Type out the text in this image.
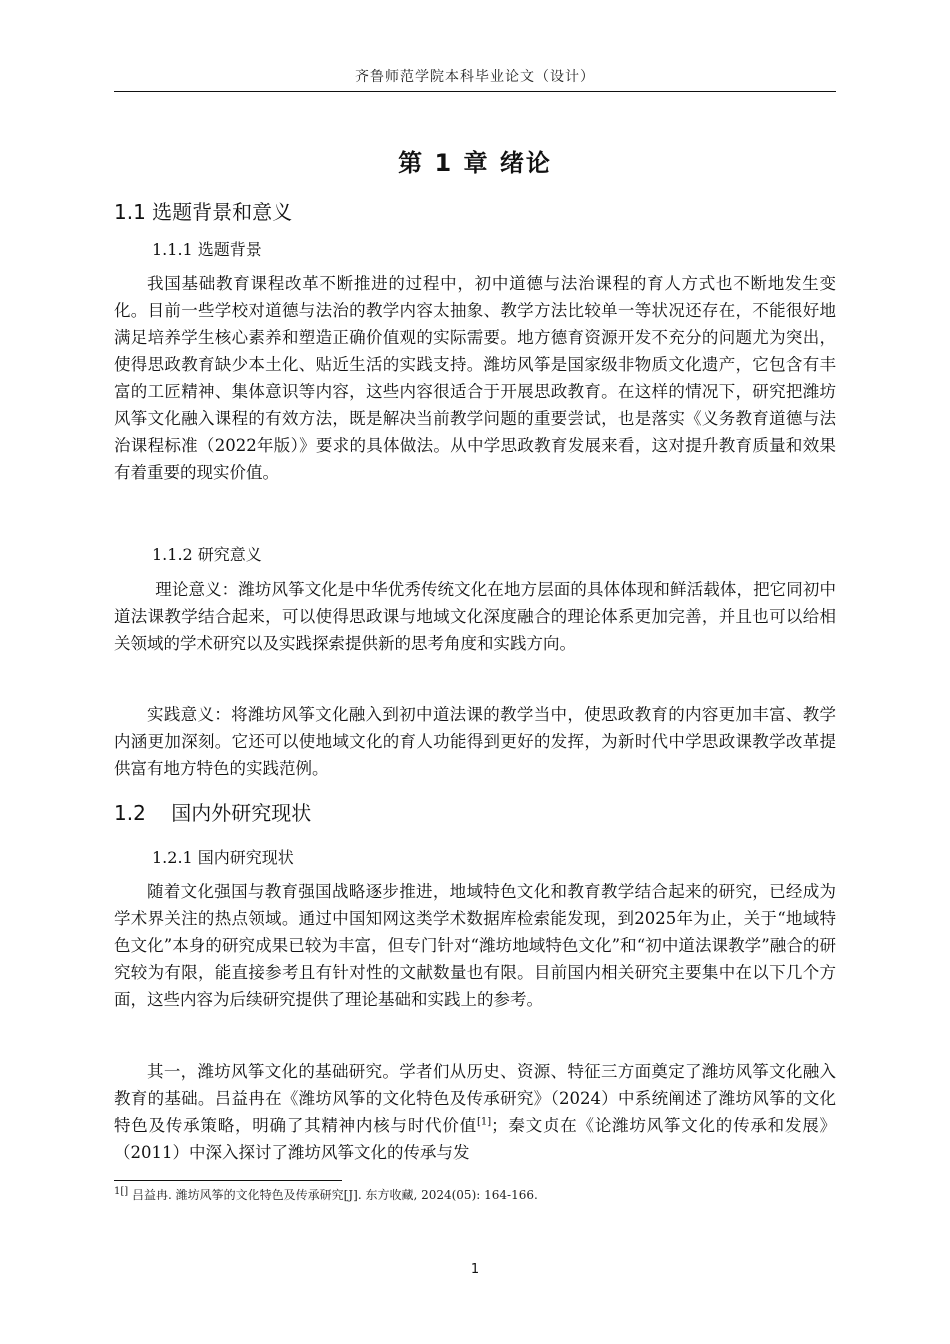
齐鲁师范学院本科毕业论文（设计）
第 1 章 绪论
1.1 选题背景和意义
1.1.1 选题背景

我国基础教育课程改革不断推进的过程中，初中道德与法治课程的育人方式也不断地发生变化。目前一些学校对道德与法治的教学内容太抽象、教学方法比较单一等状况还存在，不能很好地满足培养学生核心素养和塑造正确价值观的实际需要。地方德育资源开发不充分的问题尤为突出，使得思政教育缺少本土化、贴近生活的实践支持。潍坊风筝是国家级非物质文化遗产，它包含有丰富的工匠精神、集体意识等内容，这些内容很适合于开展思政教育。在这样的情况下，研究把潍坊风筝文化融入课程的有效方法，既是解决当前教学问题的重要尝试，也是落实《义务教育道德与法治课程标准（2022年版）》要求的具体做法。从中学思政教育发展来看，这对提升教育质量和效果有着重要的现实价值。

1.1.2 研究意义

理论意义：潍坊风筝文化是中华优秀传统文化在地方层面的具体体现和鲜活载体，把它同初中道法课教学结合起来，可以使得思政课与地域文化深度融合的理论体系更加完善，并且也可以给相关领域的学术研究以及实践探索提供新的思考角度和实践方向。

实践意义：将潍坊风筝文化融入到初中道法课的教学当中，使思政教育的内容更加丰富、教学内涵更加深刻。它还可以使地域文化的育人功能得到更好的发挥，为新时代中学思政课教学改革提供富有地方特色的实践范例。

1.2    国内外研究现状
1.2.1 国内研究现状

随着文化强国与教育强国战略逐步推进，地域特色文化和教育教学结合起来的研究，已经成为学术界关注的热点领域。通过中国知网这类学术数据库检索能发现，到2025年为止，关于“地域特色文化”本身的研究成果已较为丰富，但专门针对“潍坊地域特色文化”和“初中道法课教学”融合的研究较为有限，能直接参考且有针对性的文献数量也有限。目前国内相关研究主要集中在以下几个方面，这些内容为后续研究提供了理论基础和实践上的参考。

其一，潍坊风筝文化的基础研究。学者们从历史、资源、特征三方面奠定了潍坊风筝文化融入教育的基础。吕益冉在《潍坊风筝的文化特色及传承研究》（2024）中系统阐述了潍坊风筝的文化特色及传承策略，明确了其精神内核与时代价值[1]；秦文贞在《论潍坊风筝文化的传承和发展》（2011）中深入探讨了潍坊风筝文化的传承与发

$^{1[]}$ 吕益冉. 潍坊风筝的文化特色及传承研究[J]. 东方收藏, 2024(05): 164-166.
1
